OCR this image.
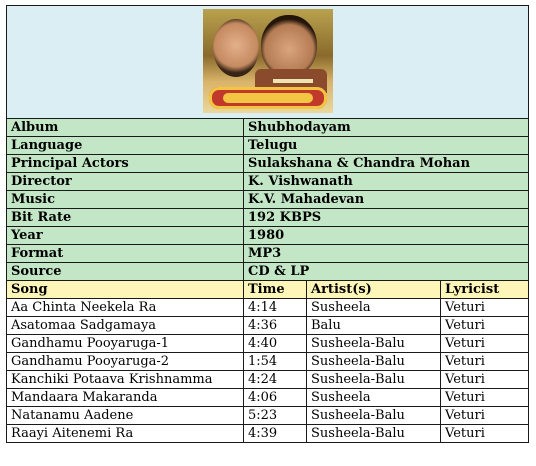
Album	Shubhodayam		
Language	Telugu		
Principal Actors	Sulakshana & Chandra Mohan		
Director	K. Vishwanath		
Music	K.V. Mahadevan		
Bit Rate	192 KBPS		
Year	1980		
Format	MP3		
Source	CD & LP		
Song	Time	Artist(s)	Lyricist
Aa Chinta Neekela Ra	4:14	Susheela	Veturi
Asatomaa Sadgamaya	4:36	Balu	Veturi
Gandhamu Pooyaruga-1	4:40	Susheela-Balu	Veturi
Gandhamu Pooyaruga-2	1:54	Susheela-Balu	Veturi
Kanchiki Potaava Krishnamma	4:24	Susheela-Balu	Veturi
Mandaara Makaranda	4:06	Susheela	Veturi
Natanamu Aadene	5:23	Susheela-Balu	Veturi
Raayi Aitenemi Ra	4:39	Susheela-Balu	Veturi
